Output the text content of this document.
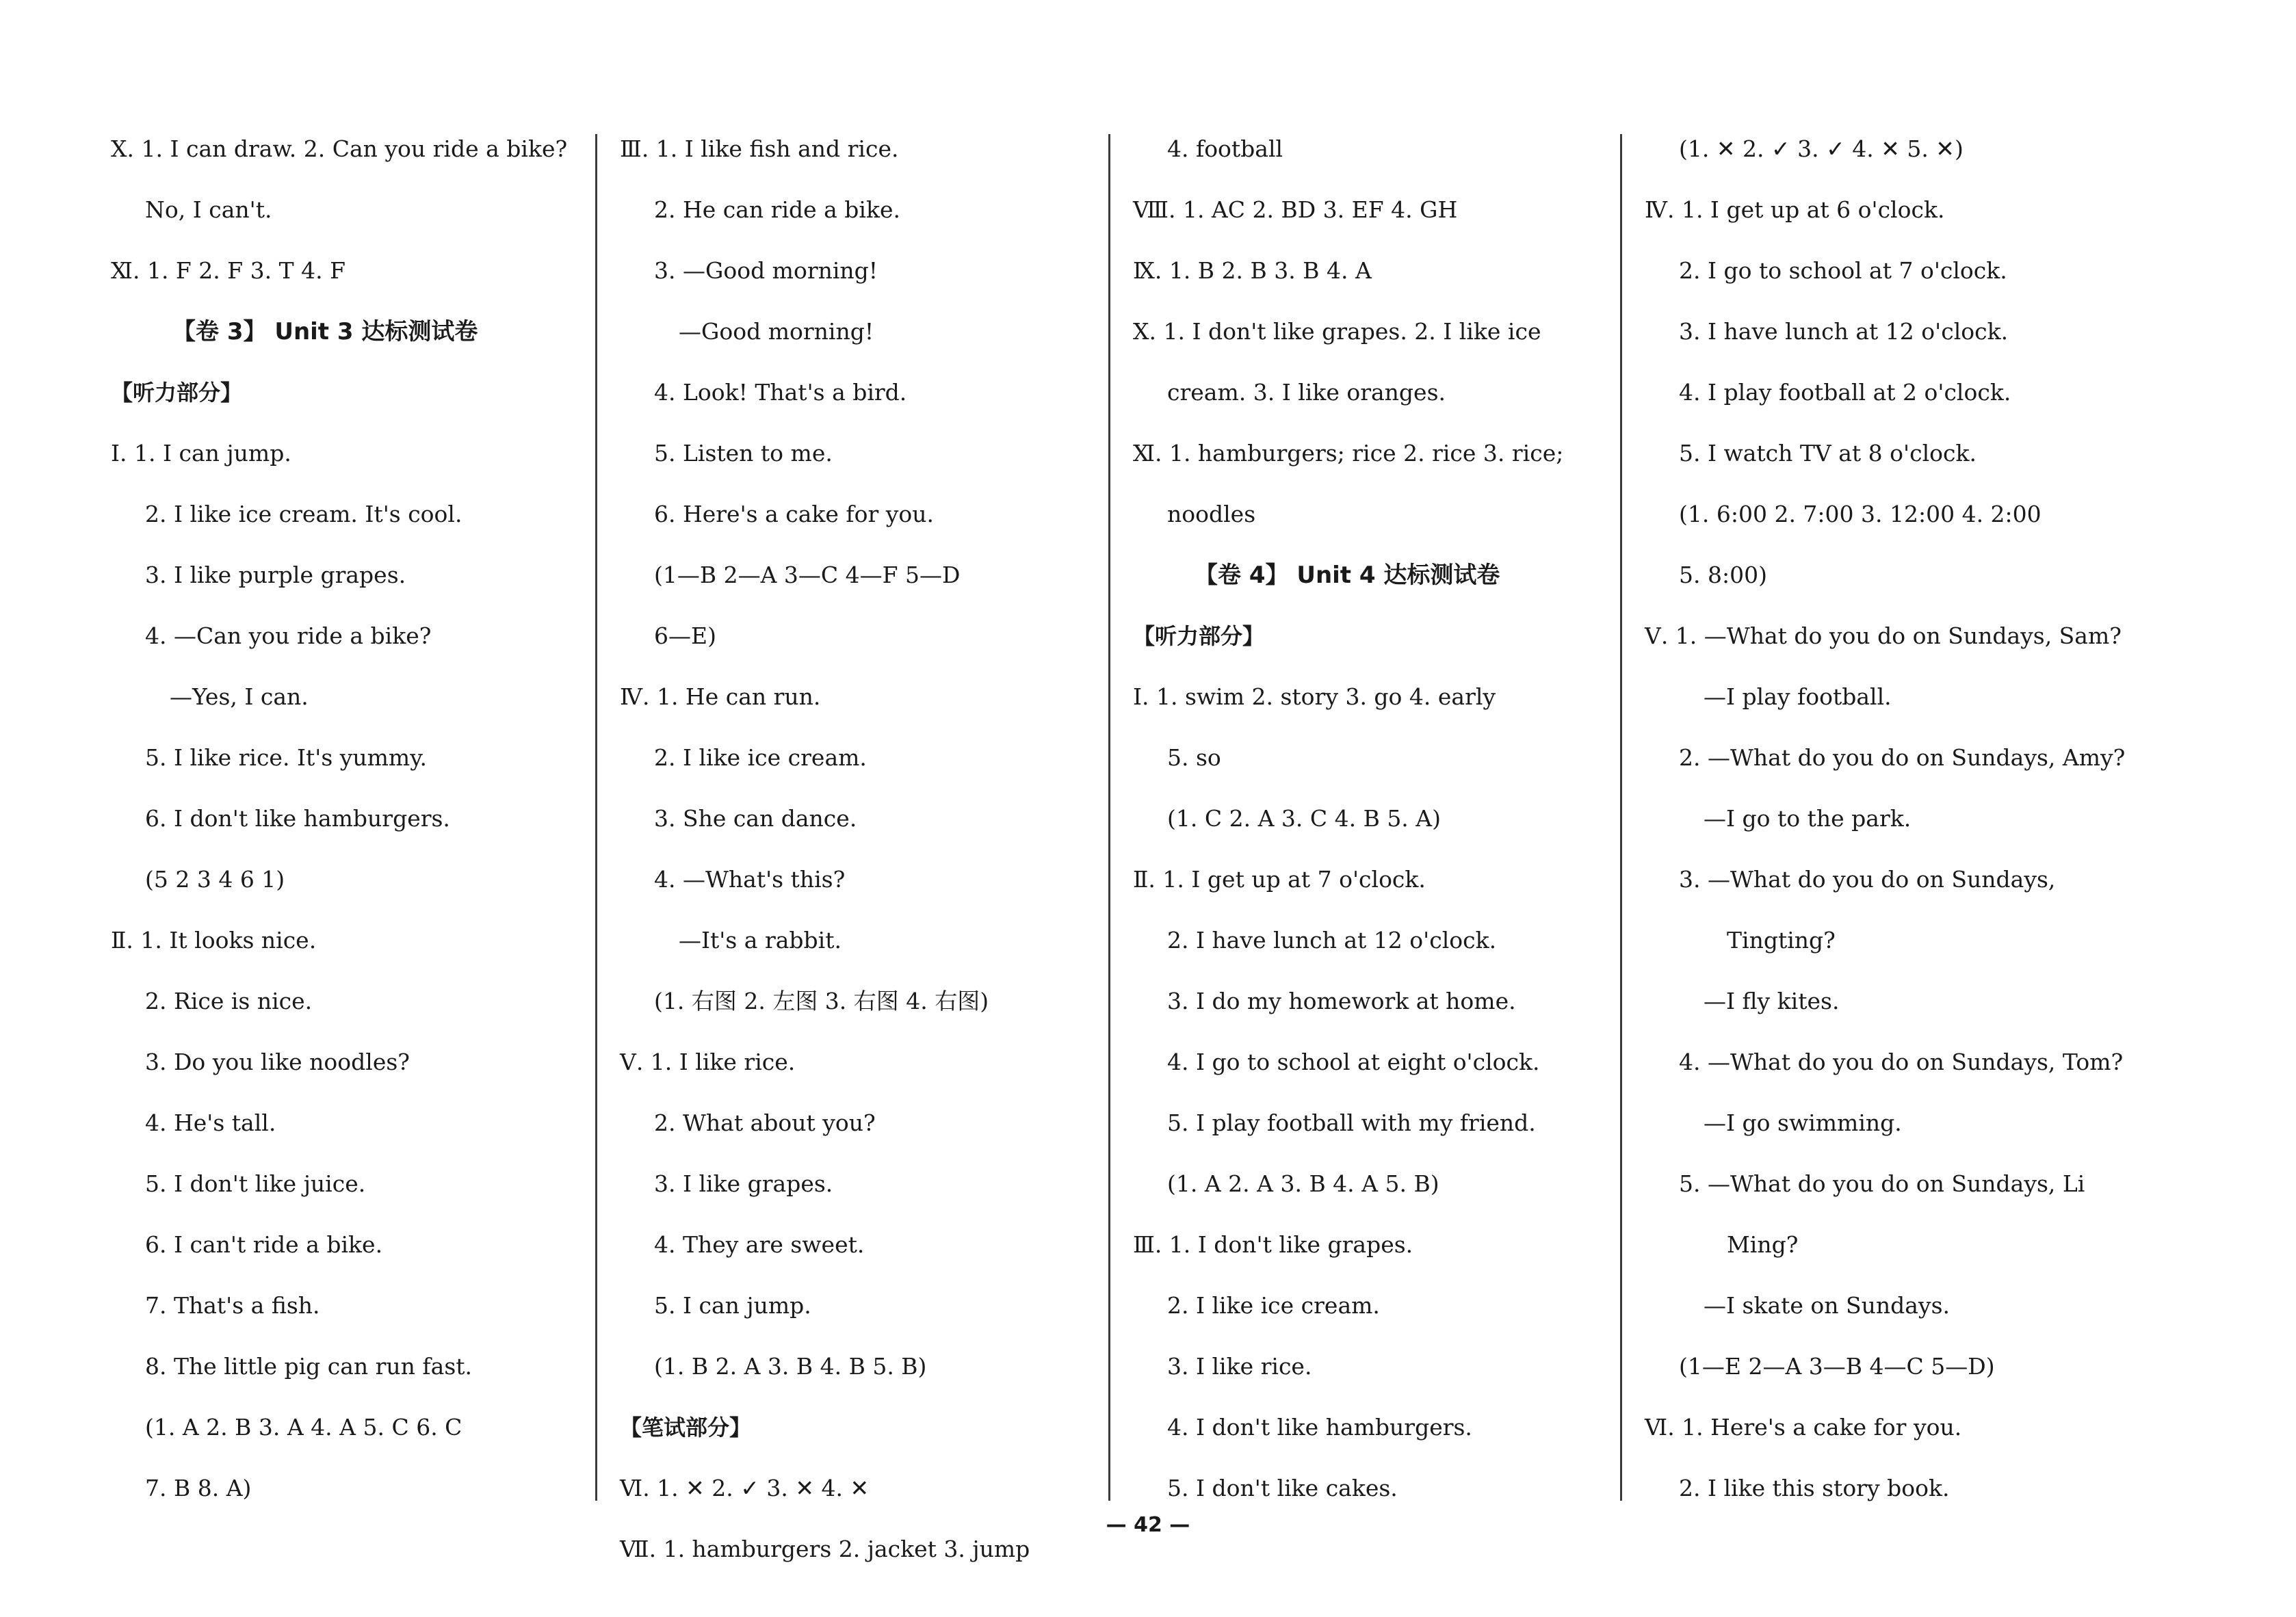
Ⅹ. 1. I can draw. 2. Can you ride a bike?
No, I can't.
Ⅺ. 1. F 2. F 3. T 4. F
【卷 3】 Unit 3 达标测试卷
【听力部分】
Ⅰ. 1. I can jump.
2. I like ice cream. It's cool.
3. I like purple grapes.
4. —Can you ride a bike?
—Yes, I can.
5. I like rice. It's yummy.
6. I don't like hamburgers.
(5 2 3 4 6 1)
Ⅱ. 1. It looks nice.
2. Rice is nice.
3. Do you like noodles?
4. He's tall.
5. I don't like juice.
6. I can't ride a bike.
7. That's a fish.
8. The little pig can run fast.
(1. A 2. B 3. A 4. A 5. C 6. C
7. B 8. A)
Ⅲ. 1. I like fish and rice.
2. He can ride a bike.
3. —Good morning!
—Good morning!
4. Look! That's a bird.
5. Listen to me.
6. Here's a cake for you.
(1—B 2—A 3—C 4—F 5—D
6—E)
Ⅳ. 1. He can run.
2. I like ice cream.
3. She can dance.
4. —What's this?
—It's a rabbit.
(1. 右图 2. 左图 3. 右图 4. 右图)
Ⅴ. 1. I like rice.
2. What about you?
3. I like grapes.
4. They are sweet.
5. I can jump.
(1. B 2. A 3. B 4. B 5. B)
【笔试部分】
Ⅵ. 1. ✕ 2. ✓ 3. ✕ 4. ✕
Ⅶ. 1. hamburgers 2. jacket 3. jump
4. football
Ⅷ. 1. AC 2. BD 3. EF 4. GH
Ⅸ. 1. B 2. B 3. B 4. A
Ⅹ. 1. I don't like grapes. 2. I like ice
cream. 3. I like oranges.
Ⅺ. 1. hamburgers; rice 2. rice 3. rice;
noodles
【卷 4】 Unit 4 达标测试卷
【听力部分】
Ⅰ. 1. swim 2. story 3. go 4. early
5. so
(1. C 2. A 3. C 4. B 5. A)
Ⅱ. 1. I get up at 7 o'clock.
2. I have lunch at 12 o'clock.
3. I do my homework at home.
4. I go to school at eight o'clock.
5. I play football with my friend.
(1. A 2. A 3. B 4. A 5. B)
Ⅲ. 1. I don't like grapes.
2. I like ice cream.
3. I like rice.
4. I don't like hamburgers.
5. I don't like cakes.
(1. ✕ 2. ✓ 3. ✓ 4. ✕ 5. ✕)
Ⅳ. 1. I get up at 6 o'clock.
2. I go to school at 7 o'clock.
3. I have lunch at 12 o'clock.
4. I play football at 2 o'clock.
5. I watch TV at 8 o'clock.
(1. 6:00 2. 7:00 3. 12:00 4. 2:00
5. 8:00)
Ⅴ. 1. —What do you do on Sundays, Sam?
—I play football.
2. —What do you do on Sundays, Amy?
—I go to the park.
3. —What do you do on Sundays,
Tingting?
—I fly kites.
4. —What do you do on Sundays, Tom?
—I go swimming.
5. —What do you do on Sundays, Li
Ming?
—I skate on Sundays.
(1—E 2—A 3—B 4—C 5—D)
Ⅵ. 1. Here's a cake for you.
2. I like this story book.
— 42 —
